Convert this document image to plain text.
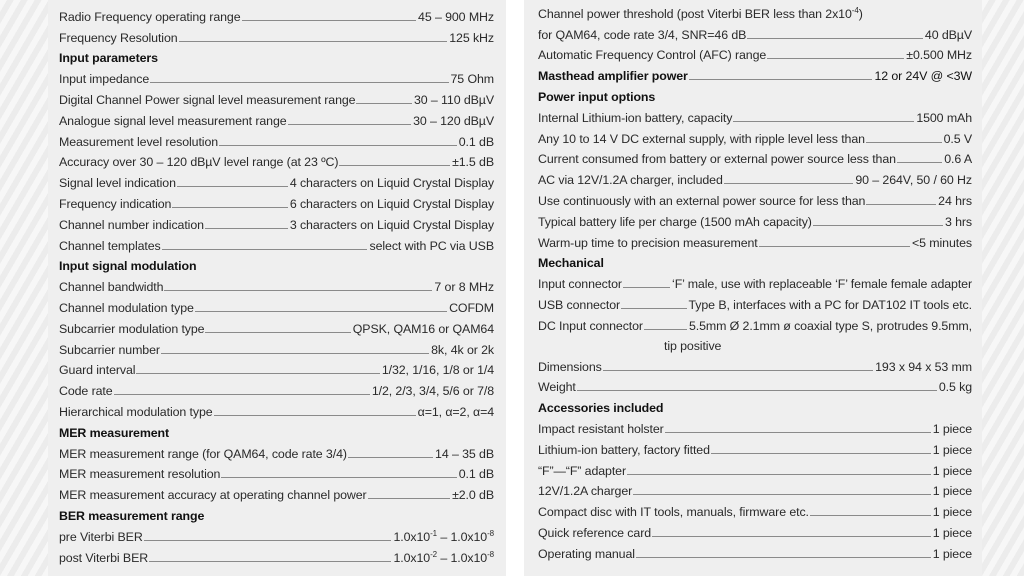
Radio Frequency operating range	45 – 900 MHz
Frequency Resolution	125 kHz
Input parameters
Input impedance	75 Ohm
Digital Channel Power signal level measurement range	30 – 110 dBµV
Analogue signal level measurement range	30 – 120 dBµV
Measurement level resolution	0.1 dB
Accuracy over 30 – 120 dBµV level range (at 23 ºC)	±1.5 dB
Signal level indication	4 characters on Liquid Crystal Display
Frequency indication	6 characters on Liquid Crystal Display
Channel number indication	3 characters on Liquid Crystal Display
Channel templates	select with PC via USB
Input signal modulation
Channel bandwidth	7 or 8 MHz
Channel modulation type	COFDM
Subcarrier modulation type	QPSK, QAM16 or QAM64
Subcarrier number	8k, 4k or 2k
Guard interval	1/32, 1/16, 1/8 or 1/4
Code rate	1/2, 2/3, 3/4, 5/6 or 7/8
Hierarchical modulation type	α=1, α=2, α=4
MER measurement
MER measurement range (for QAM64, code rate 3/4)	14 – 35 dB
MER measurement resolution	0.1 dB
MER measurement accuracy at operating channel power	±2.0 dB
BER measurement range
pre Viterbi BER	$1.0x10^{-1} - 1.0x10^{-8}$
post Viterbi BER	$1.0x10^{-2} - 1.0x10^{-8}$
Channel power threshold (post Viterbi BER less than $2x10^{-4}$)
for QAM64, code rate 3/4, SNR=46 dB	40 dBµV
Automatic Frequency Control (AFC) range	±0.500 MHz
Masthead amplifier power	12 or 24V @ <3W
Power input options
Internal Lithium-ion battery, capacity	1500 mAh
Any 10 to 14 V DC external supply, with ripple level less than	0.5 V
Current consumed from battery or external power source less than	0.6 A
AC via 12V/1.2A charger, included	90 – 264V, 50 / 60 Hz
Use continuously with an external power source for less than	24 hrs
Typical battery life per charge (1500 mAh capacity)	3 hrs
Warm-up time to precision measurement	<5 minutes
Mechanical
Input connector	‘F’ male, use with replaceable ‘F’ female female adapter
USB connector	Type B, interfaces with a PC for DAT102 IT tools etc.
DC Input connector	5.5mm Ø 2.1mm ø coaxial type S, protrudes 9.5mm,
tip positive
Dimensions	193 x 94 x 53 mm
Weight	0.5 kg
Accessories included
Impact resistant holster	1 piece
Lithium-ion battery, factory fitted	1 piece
“F”—“F” adapter	1 piece
12V/1.2A charger	1 piece
Compact disc with IT tools, manuals, firmware etc.	1 piece
Quick reference card	1 piece
Operating manual	1 piece
